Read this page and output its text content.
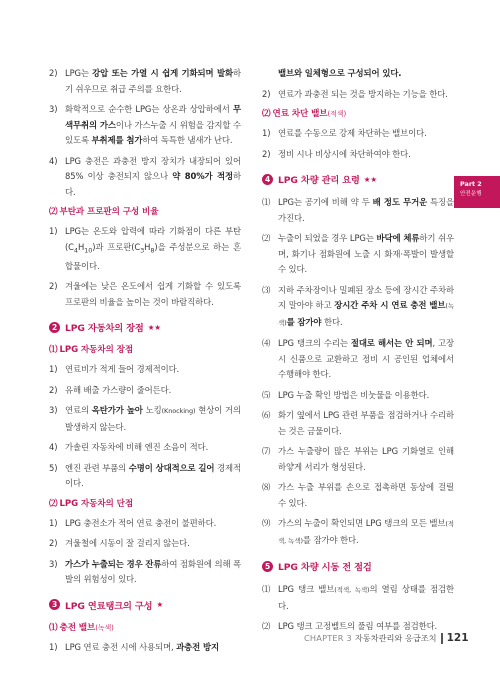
2) LPG는 강압 또는 가열 시 쉽게 기화되며 발화하기 쉬우므로 취급 주의를 요한다.
3) 화학적으로 순수한 LPG는 상온과 상압하에서 무색무취의 가스이나 가스누출 시 위험을 감지할 수 있도록 부취제를 첨가하여 독특한 냄새가 난다.
4) LPG 충전은 과충전 방지 장치가 내장되어 있어 85% 이상 충전되지 않으나 약 80%가 적정하다.
⑵ 부탄과 프로판의 구성 비율
1) LPG는 온도와 압력에 따라 기화점이 다른 부탄$(C_4H_{10})$과 프로판$(C_3H_8)$을 주성분으로 하는 혼합물이다.
2) 겨울에는 낮은 온도에서 쉽게 기화할 수 있도록 프로판의 비율을 높이는 것이 바람직하다.
2 LPG 자동차의 장점 ★★
⑴ LPG 자동차의 장점
1) 연료비가 적게 들어 경제적이다.
2) 유해 배출 가스량이 줄어든다.
3) 연료의 옥탄가가 높아 노킹(Knocking) 현상이 거의 발생하지 않는다.
4) 가솔린 자동차에 비해 엔진 소음이 적다.
5) 엔진 관련 부품의 수명이 상대적으로 길어 경제적이다.
⑵ LPG 자동차의 단점
1) LPG 충전소가 적어 연료 충전이 불편하다.
2) 겨울철에 시동이 잘 걸리지 않는다.
3) 가스가 누출되는 경우 잔류하여 점화원에 의해 폭발의 위험성이 있다.
3 LPG 연료탱크의 구성 ★
⑴ 충전 밸브(녹색)
1) LPG 연료 충전 시에 사용되며, 과충전 방지
밸브와 일체형으로 구성되어 있다.
2) 연료가 과충전 되는 것을 방지하는 기능을 한다.
⑵ 연료 차단 밸브(적색)
1) 연료를 수동으로 강제 차단하는 밸브이다.
2) 정비 시나 비상시에 차단하여야 한다.
4 LPG 차량 관리 요령 ★★
⑴ LPG는 공기에 비해 약 두 배 정도 무거운 특징을 가진다.
⑵ 누출이 되었을 경우 LPG는 바닥에 체류하기 쉬우며, 화기나 점화원에 노출 시 화재·폭발이 발생할 수 있다.
⑶ 지하 주차장이나 밀폐된 장소 등에 장시간 주차하지 말아야 하고 장시간 주차 시 연료 충전 밸브(녹색)를 잠가야 한다.
⑷ LPG 탱크의 수리는 절대로 해서는 안 되며, 고장 시 신품으로 교환하고 정비 시 공인된 업체에서 수행해야 한다.
⑸ LPG 누출 확인 방법은 비눗물을 이용한다.
⑹ 화기 옆에서 LPG 관련 부품을 점검하거나 수리하는 것은 금물이다.
⑺ 가스 누출량이 많은 부위는 LPG 기화열로 인해 하얗게 서리가 형성된다.
⑻ 가스 누출 부위를 손으로 접촉하면 동상에 걸릴 수 있다.
⑼ 가스의 누출이 확인되면 LPG 탱크의 모든 밸브(적색, 녹색)를 잠가야 한다.
5 LPG 차량 시동 전 점검
⑴ LPG 탱크 밸브(적색, 녹색)의 열림 상태를 점검한다.
⑵ LPG 탱크 고정벨트의 풀림 여부를 점검한다.
Part 2
안전운행
CHAPTER 3 자동차관리와 응급조치 121
